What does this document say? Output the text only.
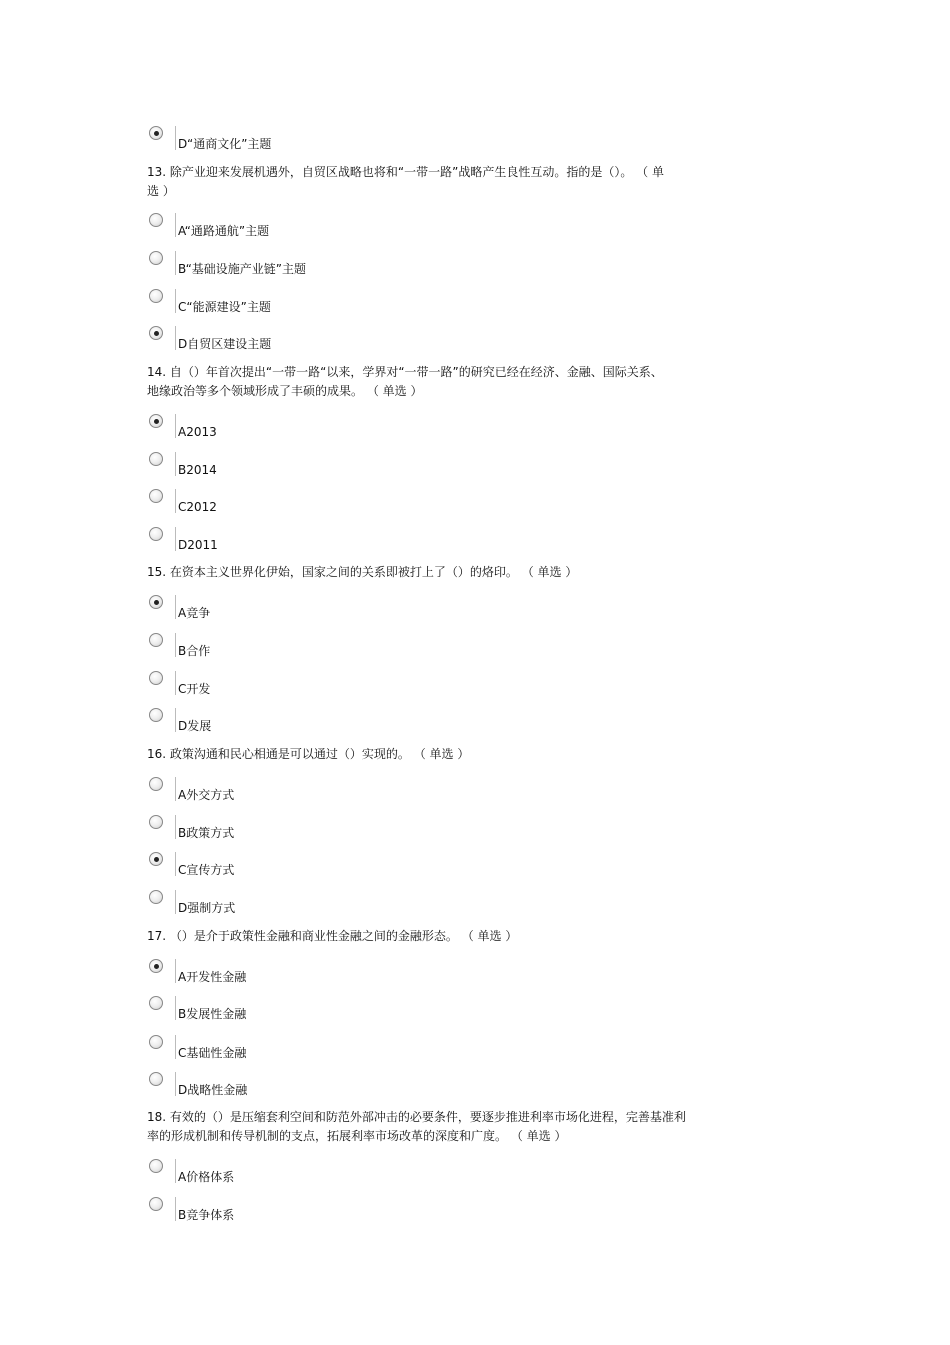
D“通商文化”主题
13. 除产业迎来发展机遇外，自贸区战略也将和“一带一路”战略产生良性互动。指的是（）。 （ 单
选 ）
A“通路通航”主题
B“基础设施产业链”主题
C“能源建设”主题
D自贸区建设主题
14. 自（）年首次提出“一带一路“以来，学界对“一带一路”的研究已经在经济、金融、国际关系、
地缘政治等多个领域形成了丰硕的成果。 （ 单选 ）
A2013
B2014
C2012
D2011
15. 在资本主义世界化伊始，国家之间的关系即被打上了（）的烙印。 （ 单选 ）
A竞争
B合作
C开发
D发展
16. 政策沟通和民心相通是可以通过（）实现的。 （ 单选 ）
A外交方式
B政策方式
C宣传方式
D强制方式
17. （）是介于政策性金融和商业性金融之间的金融形态。 （ 单选 ）
A开发性金融
B发展性金融
C基础性金融
D战略性金融
18. 有效的（）是压缩套利空间和防范外部冲击的必要条件，要逐步推进利率市场化进程，完善基准利
率的形成机制和传导机制的支点，拓展利率市场改革的深度和广度。 （ 单选 ）
A价格体系
B竞争体系
